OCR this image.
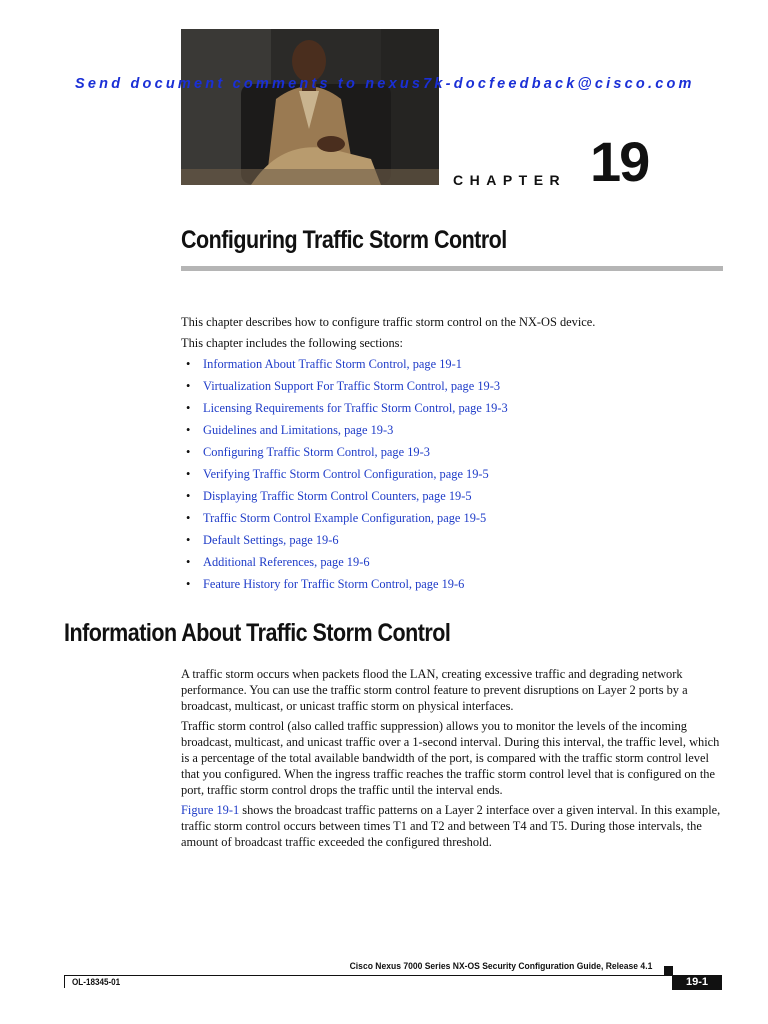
Send document comments to nexus7k-docfeedback@cisco.com
CHAPTER 19
Configuring Traffic Storm Control
This chapter describes how to configure traffic storm control on the NX-OS device.
This chapter includes the following sections:
• Information About Traffic Storm Control, page 19-1
• Virtualization Support For Traffic Storm Control, page 19-3
• Licensing Requirements for Traffic Storm Control, page 19-3
• Guidelines and Limitations, page 19-3
• Configuring Traffic Storm Control, page 19-3
• Verifying Traffic Storm Control Configuration, page 19-5
• Displaying Traffic Storm Control Counters, page 19-5
• Traffic Storm Control Example Configuration, page 19-5
• Default Settings, page 19-6
• Additional References, page 19-6
• Feature History for Traffic Storm Control, page 19-6
Information About Traffic Storm Control
A traffic storm occurs when packets flood the LAN, creating excessive traffic and degrading network performance. You can use the traffic storm control feature to prevent disruptions on Layer 2 ports by a broadcast, multicast, or unicast traffic storm on physical interfaces.
Traffic storm control (also called traffic suppression) allows you to monitor the levels of the incoming broadcast, multicast, and unicast traffic over a 1-second interval. During this interval, the traffic level, which is a percentage of the total available bandwidth of the port, is compared with the traffic storm control level that you configured. When the ingress traffic reaches the traffic storm control level that is configured on the port, traffic storm control drops the traffic until the interval ends.
Figure 19-1 shows the broadcast traffic patterns on a Layer 2 interface over a given interval. In this example, traffic storm control occurs between times T1 and T2 and between T4 and T5. During those intervals, the amount of broadcast traffic exceeded the configured threshold.
Cisco Nexus 7000 Series NX-OS Security Configuration Guide, Release 4.1
OL-18345-01	19-1
